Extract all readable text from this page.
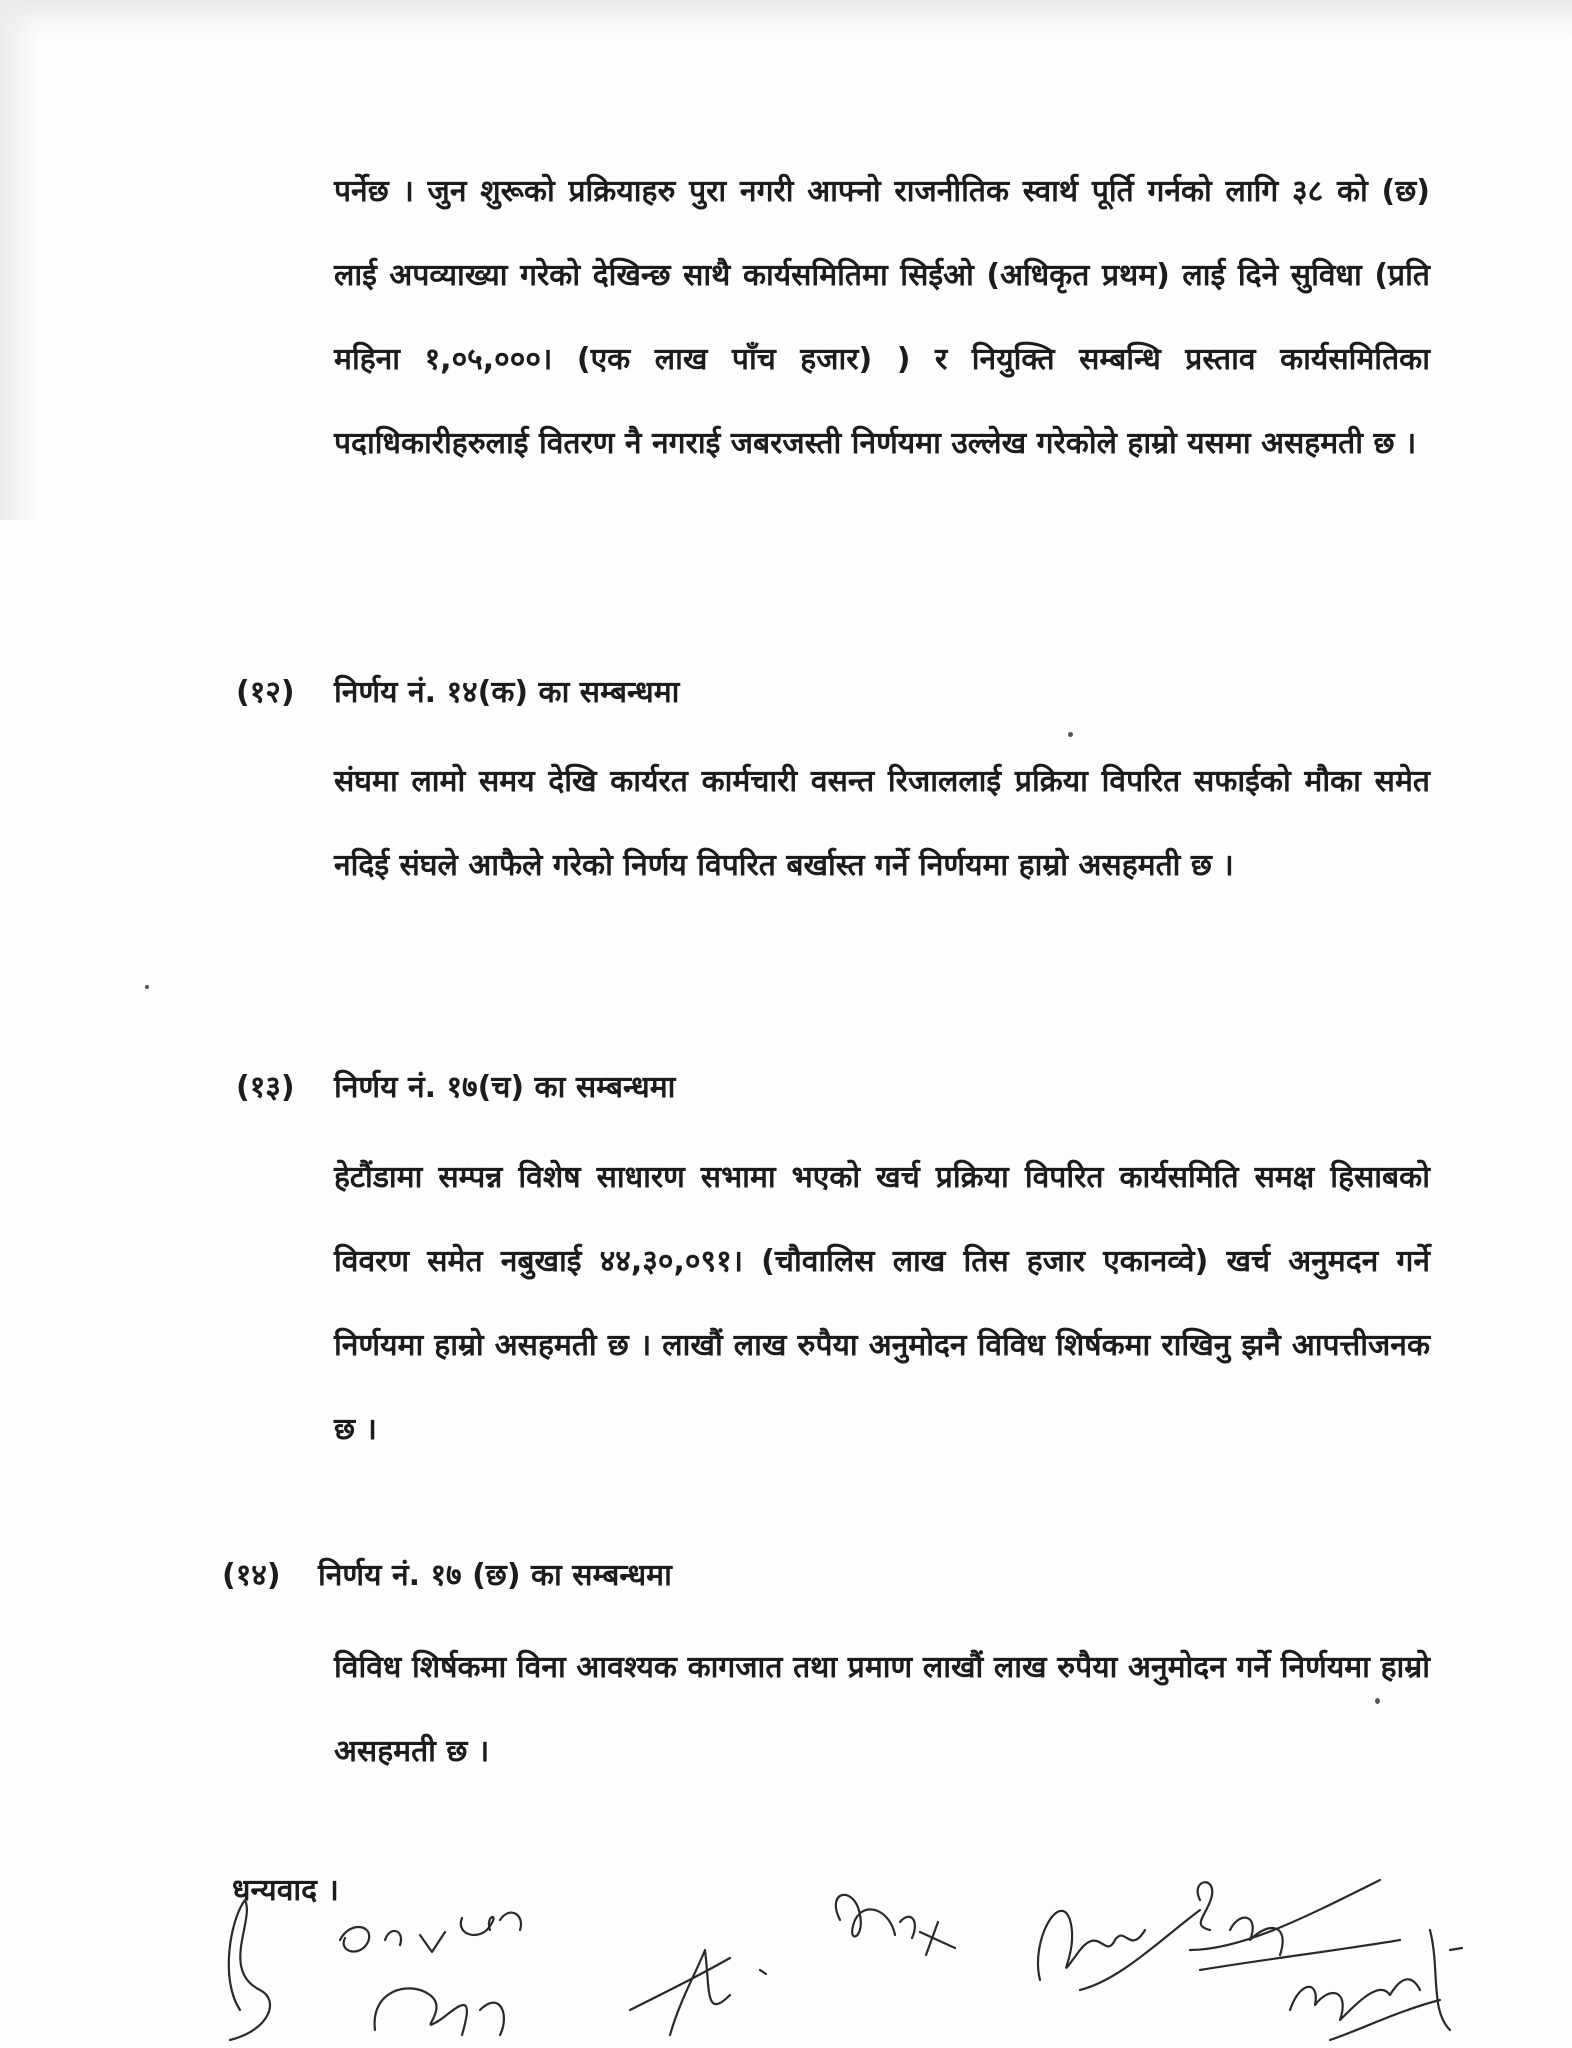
पर्नेछ । जुन शुरूको प्रक्रियाहरु पुरा नगरी आफ्नो राजनीतिक स्वार्थ पूर्ति गर्नको लागि ३८ को (छ) लाई अपव्याख्या गरेको देखिन्छ साथै कार्यसमितिमा सिईओ (अधिकृत प्रथम) लाई दिने सुविधा (प्रति महिना १,०५,०००। (एक लाख पाँच हजार) ) र नियुक्ति सम्बन्धि प्रस्ताव कार्यसमितिका पदाधिकारीहरुलाई वितरण नै नगराई जबरजस्ती निर्णयमा उल्लेख गरेकोले हाम्रो यसमा असहमती छ ।

(१२) निर्णय नं. १४(क) का सम्बन्धमा

संघमा लामो समय देखि कार्यरत कार्मचारी वसन्त रिजाललाई प्रक्रिया विपरित सफाईको मौका समेत नदिई संघले आफैले गरेको निर्णय विपरित बर्खास्त गर्ने निर्णयमा हाम्रो असहमती छ ।

(१३) निर्णय नं. १७(च) का सम्बन्धमा

हेटौंडामा सम्पन्न विशेष साधारण सभामा भएको खर्च प्रक्रिया विपरित कार्यसमिति समक्ष हिसाबको विवरण समेत नबुखाई ४४,३०,०९१। (चौवालिस लाख तिस हजार एकानव्वे) खर्च अनुमदन गर्ने निर्णयमा हाम्रो असहमती छ । लाखौं लाख रुपैया अनुमोदन विविध शिर्षकमा राखिनु झनै आपत्तीजनक छ ।

(१४) निर्णय नं. १७ (छ) का सम्बन्धमा

विविध शिर्षकमा विना आवश्यक कागजात तथा प्रमाण लाखौं लाख रुपैया अनुमोदन गर्ने निर्णयमा हाम्रो असहमती छ ।

धन्यवाद ।
